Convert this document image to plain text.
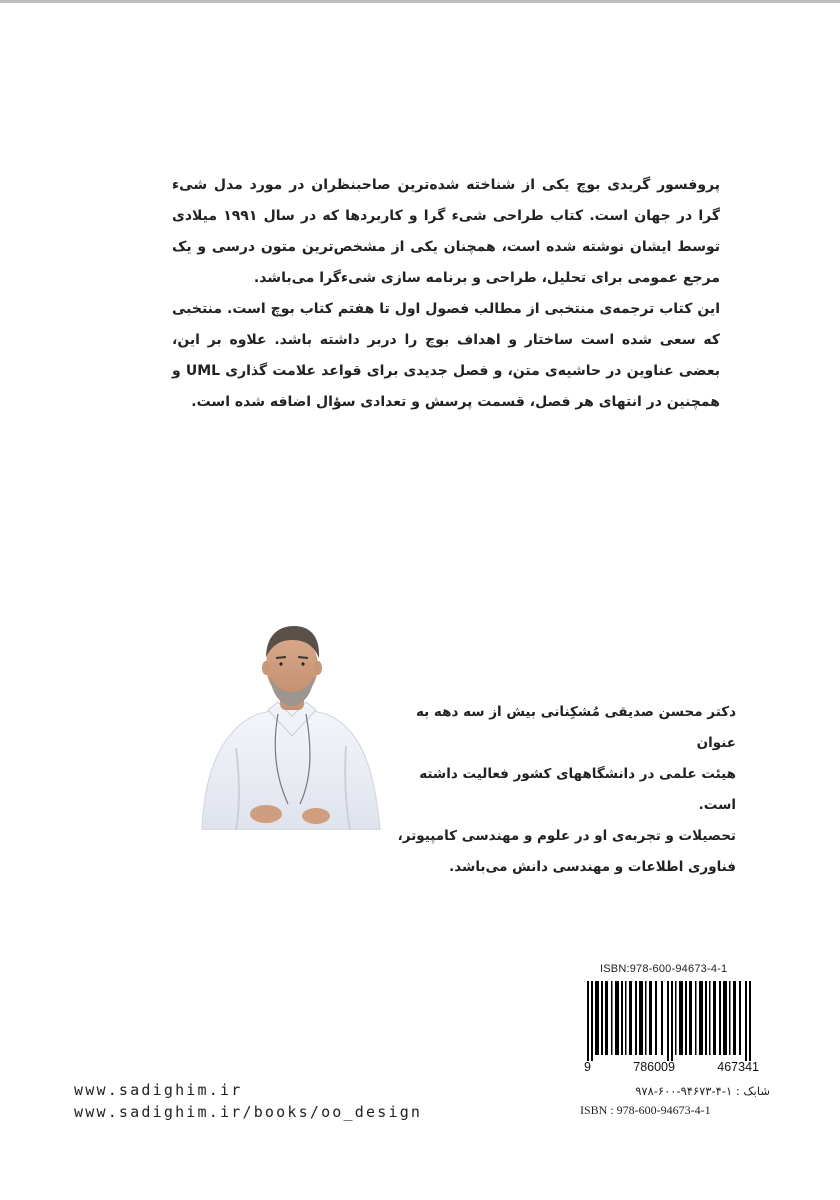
پروفسور گریدی بوچ یکی از شناخته شده‌ترین صاحبنظران در مورد مدل شیء گرا در جهان است. کتاب طراحی شیء گرا و کاربردها که در سال ۱۹۹۱ میلادی توسط ایشان نوشته شده است، همچنان یکی از مشخص‌ترین متون درسی و یک مرجع عمومی برای تحلیل، طراحی و برنامه سازی شیء‌گرا می‌باشد.

این کتاب ترجمه‌ی منتخبی از مطالب فصول اول تا هفتم کتاب بوچ است. منتخبی که سعی شده است ساختار و اهداف بوچ را دربر داشته باشد. علاوه بر این، بعضی عناوین در حاشیه‌ی متن، و فصل جدیدی برای قواعد علامت گذاری UML و همچنین در انتهای هر فصل، قسمت پرسش و تعدادی سؤال اضافه شده است.

دکتر محسن صدیقی مُشکِنانی بیش از سه دهه به عنوان

هیئت علمی در دانشگاههای کشور فعالیت داشته است.

تحصیلات و تجربه‌ی او در علوم و مهندسی کامپیوتر،

فناوری اطلاعات و مهندسی دانش می‌باشد.

ISBN:978-600-94673-4-1
9	786009	467341
شابک : ۱-۴-۹۴۶۷۳-۶۰۰-۹۷۸
ISBN : 978-600-94673-4-1
www.sadighim.ir
www.sadighim.ir/books/oo_design
